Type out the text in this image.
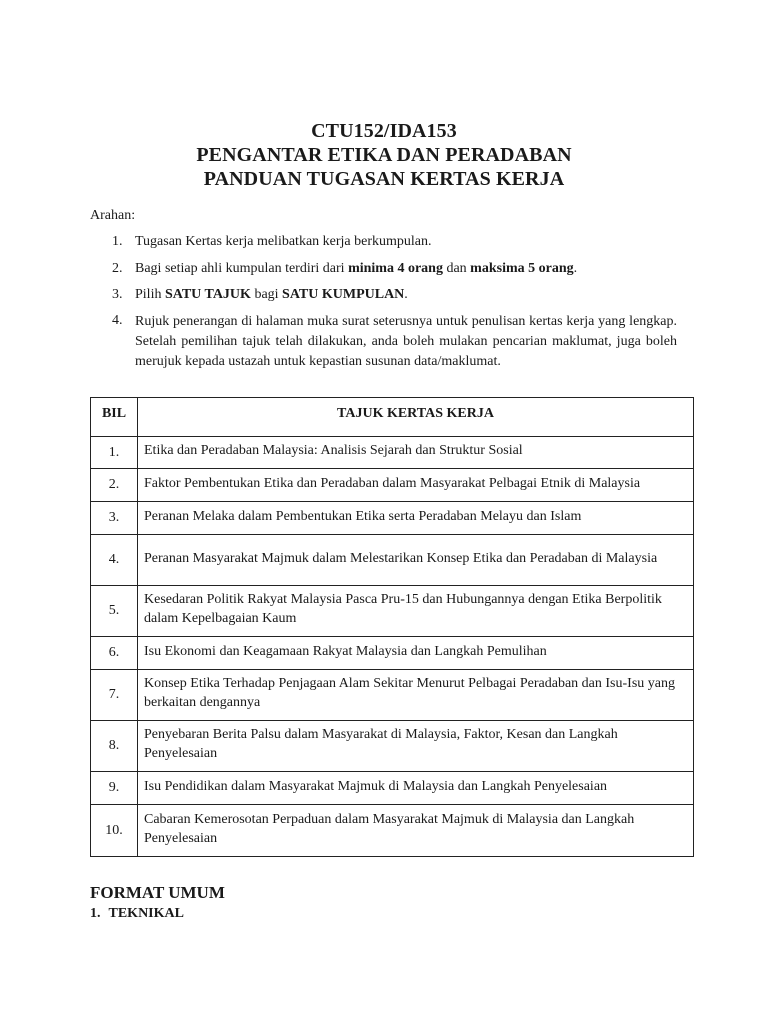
CTU152/IDA153
PENGANTAR ETIKA DAN PERADABAN
PANDUAN TUGASAN KERTAS KERJA
Arahan:
1. Tugasan Kertas kerja melibatkan kerja berkumpulan.
2. Bagi setiap ahli kumpulan terdiri dari minima 4 orang dan maksima 5 orang.
3. Pilih SATU TAJUK bagi SATU KUMPULAN.
4. Rujuk penerangan di halaman muka surat seterusnya untuk penulisan kertas kerja yang lengkap. Setelah pemilihan tajuk telah dilakukan, anda boleh mulakan pencarian maklumat, juga boleh merujuk kepada ustazah untuk kepastian susunan data/maklumat.
BIL	TAJUK KERTAS KERJA
1.	Etika dan Peradaban Malaysia: Analisis Sejarah dan Struktur Sosial
2.	Faktor Pembentukan Etika dan Peradaban dalam Masyarakat Pelbagai Etnik di Malaysia
3.	Peranan Melaka dalam Pembentukan Etika serta Peradaban Melayu dan Islam
4.	Peranan Masyarakat Majmuk dalam Melestarikan Konsep Etika dan Peradaban di Malaysia
5.	Kesedaran Politik Rakyat Malaysia Pasca Pru-15 dan Hubungannya dengan Etika Berpolitik dalam Kepelbagaian Kaum
6.	Isu Ekonomi dan Keagamaan Rakyat Malaysia dan Langkah Pemulihan
7.	Konsep Etika Terhadap Penjagaan Alam Sekitar Menurut Pelbagai Peradaban dan Isu-Isu yang berkaitan dengannya
8.	Penyebaran Berita Palsu dalam Masyarakat di Malaysia, Faktor, Kesan dan Langkah Penyelesaian
9.	Isu Pendidikan dalam Masyarakat Majmuk di Malaysia dan Langkah Penyelesaian
10.	Cabaran Kemerosotan Perpaduan dalam Masyarakat Majmuk di Malaysia dan Langkah Penyelesaian
FORMAT UMUM
1. TEKNIKAL
